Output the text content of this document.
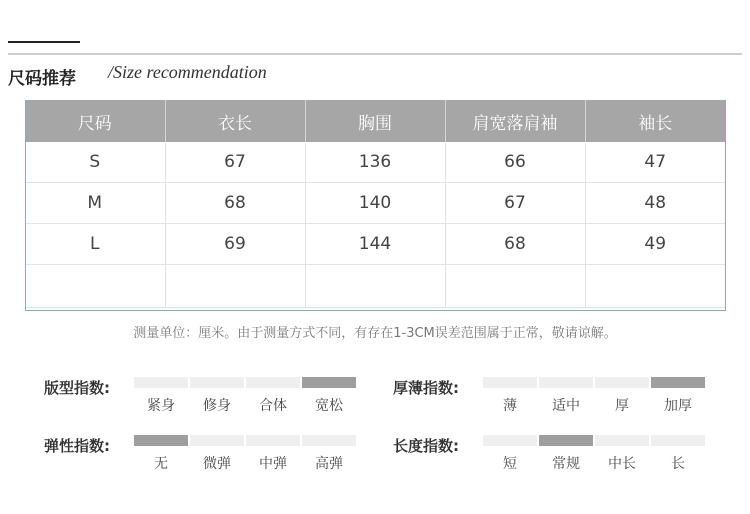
尺码推荐 /Size recommendation
尺码	衣长	胸围	肩宽落肩袖	袖长
S	67	136	66	47
M	68	140	67	48
L	69	144	68	49

测量单位：厘米。由于测量方式不同，有存在1-3CM误差范围属于正常，敬请谅解。
版型指数:
紧身	修身	合体	宽松
厚薄指数:
薄	适中	厚	加厚
弹性指数:
无	微弹	中弹	高弹
长度指数:
短	常规	中长	长
